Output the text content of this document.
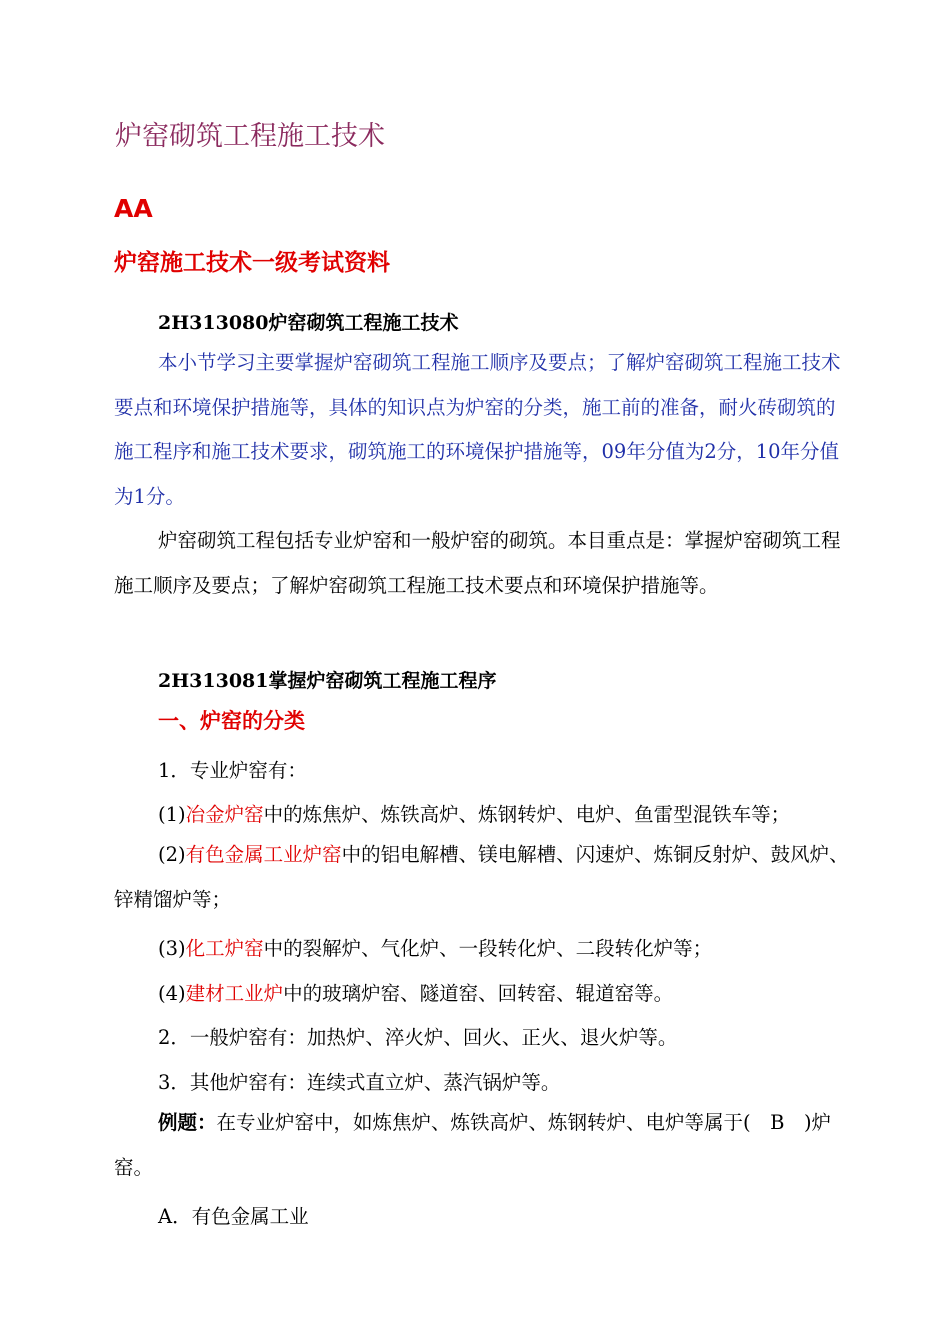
炉窑砌筑工程施工技术
AA
炉窑施工技术一级考试资料
2H313080炉窑砌筑工程施工技术

本小节学习主要掌握炉窑砌筑工程施工顺序及要点；了解炉窑砌筑工程施工技术要点和环境保护措施等，具体的知识点为炉窑的分类，施工前的准备，耐火砖砌筑的施工程序和施工技术要求，砌筑施工的环境保护措施等，09年分值为2分，10年分值为1分。

炉窑砌筑工程包括专业炉窑和一般炉窑的砌筑。本目重点是：掌握炉窑砌筑工程施工顺序及要点；了解炉窑砌筑工程施工技术要点和环境保护措施等。

2H313081掌握炉窑砌筑工程施工程序
一、炉窑的分类
1．专业炉窑有：
(1)冶金炉窑中的炼焦炉、炼铁高炉、炼钢转炉、电炉、鱼雷型混铁车等；

(2)有色金属工业炉窑中的铝电解槽、镁电解槽、闪速炉、炼铜反射炉、鼓风炉、锌精馏炉等；

(3)化工炉窑中的裂解炉、气化炉、一段转化炉、二段转化炉等；
(4)建材工业炉中的玻璃炉窑、隧道窑、回转窑、辊道窑等。
2．一般炉窑有：加热炉、淬火炉、回火、正火、退火炉等。
3．其他炉窑有：连续式直立炉、蒸汽锅炉等。

例题：在专业炉窑中，如炼焦炉、炼铁高炉、炼钢转炉、电炉等属于(　B　)炉窑。

A．有色金属工业
